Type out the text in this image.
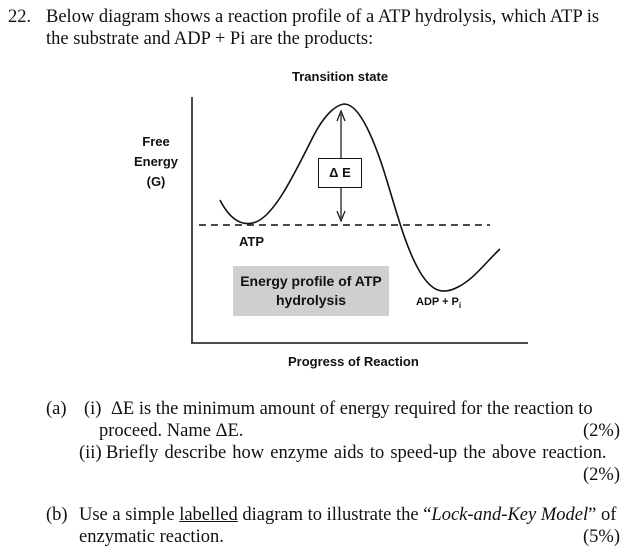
22. Below diagram shows a reaction profile of a ATP hydrolysis, which ATP is
the substrate and ADP + Pi are the products:
Transition state
Free
Energy
(G)
Δ E
ATP
Energy profile of ATP
hydrolysis	ADP + $P_i$
Progress of Reaction
(a) (i) ΔE is the minimum amount of energy required for the reaction to
proceed. Name ΔE.	(2%)
(ii) Briefly describe how enzyme aids to speed-up the above reaction.
(2%)
(b) Use a simple labelled diagram to illustrate the “Lock-and-Key Model” of
enzymatic reaction.	(5%)
